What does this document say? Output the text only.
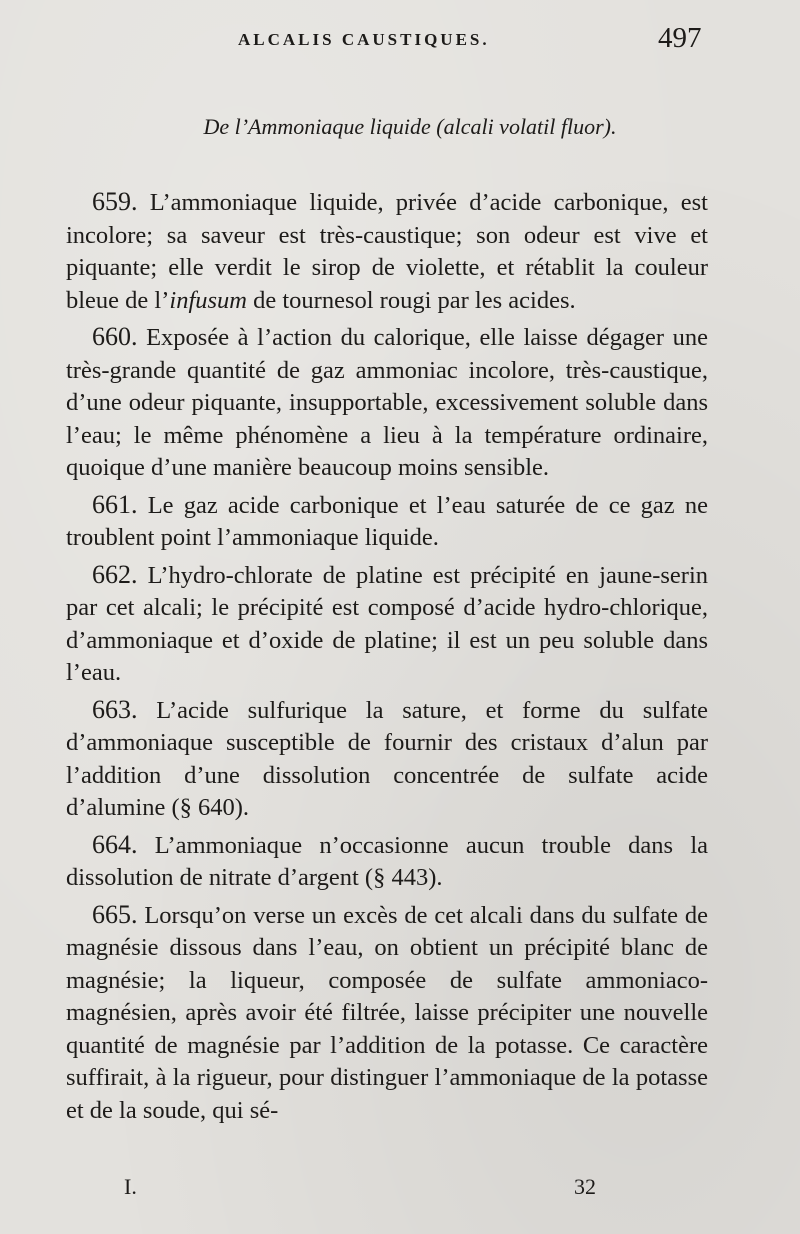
ALCALIS CAUSTIQUES.	497
De l’Ammoniaque liquide (alcali volatil fluor).

659. L’ammoniaque liquide, privée d’acide carbonique, est incolore; sa saveur est très-caustique; son odeur est vive et piquante; elle verdit le sirop de violette, et rétablit la couleur bleue de l’infusum de tournesol rougi par les acides.

660. Exposée à l’action du calorique, elle laisse dégager une très-grande quantité de gaz ammoniac incolore, très-caustique, d’une odeur piquante, insupportable, excessivement soluble dans l’eau; le même phénomène a lieu à la température ordinaire, quoique d’une manière beaucoup moins sensible.

661. Le gaz acide carbonique et l’eau saturée de ce gaz ne troublent point l’ammoniaque liquide.

662. L’hydro-chlorate de platine est précipité en jaune-serin par cet alcali; le précipité est composé d’acide hydro-chlorique, d’ammoniaque et d’oxide de platine; il est un peu soluble dans l’eau.

663. L’acide sulfurique la sature, et forme du sulfate d’ammoniaque susceptible de fournir des cristaux d’alun par l’addition d’une dissolution concentrée de sulfate acide d’alumine (§ 640).

664. L’ammoniaque n’occasionne aucun trouble dans la dissolution de nitrate d’argent (§ 443).

665. Lorsqu’on verse un excès de cet alcali dans du sulfate de magnésie dissous dans l’eau, on obtient un précipité blanc de magnésie; la liqueur, composée de sulfate ammoniaco-magnésien, après avoir été filtrée, laisse précipiter une nouvelle quantité de magnésie par l’addition de la potasse. Ce caractère suffirait, à la rigueur, pour distinguer l’ammoniaque de la potasse et de la soude, qui sé-

I.	32
